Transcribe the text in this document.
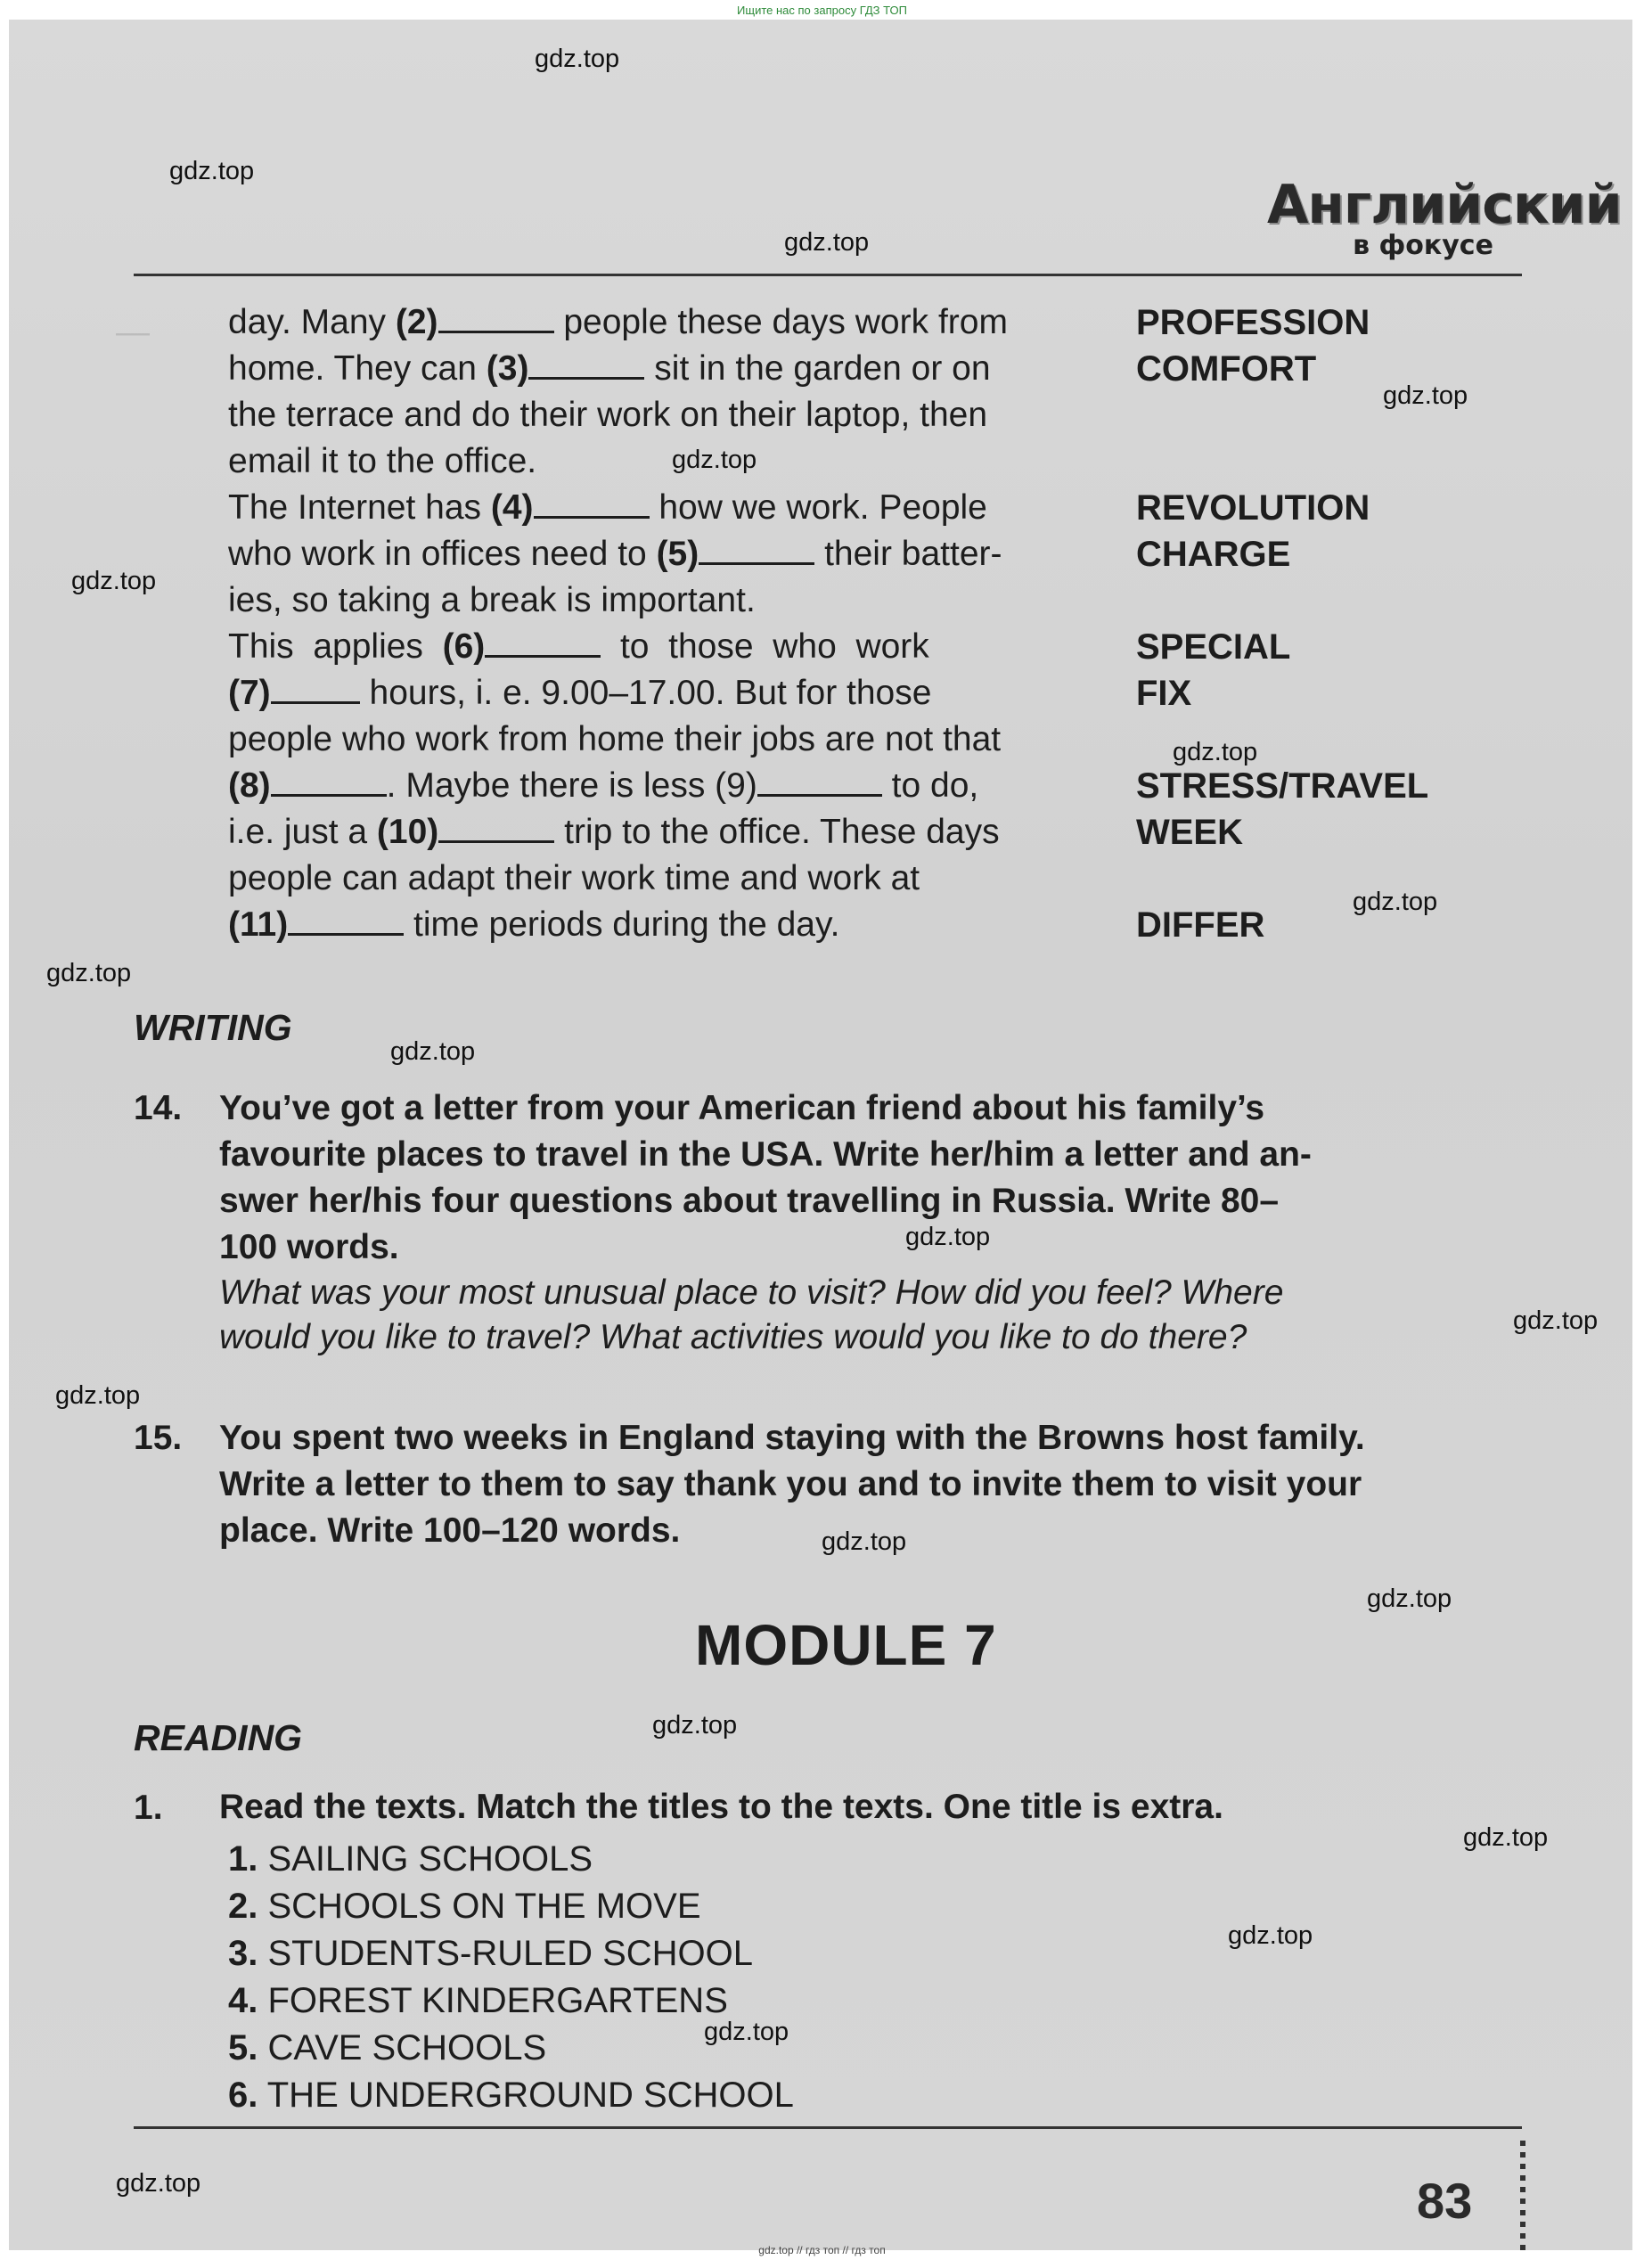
Ищите нас по запросу ГДЗ ТОП
—
Английский
в фокусе
day. Many (2)	people these days work from
home. They can (3)	sit in the garden or on
the terrace and do their work on their laptop, then
email it to the office.
The Internet has (4)	how we work. People
who work in offices need to (5)	their batter-
ies, so taking a break is important.
This  applies  (6)	to  those  who  work
(7)	hours, i. e. 9.00–17.00. But for those
people who work from home their jobs are not that
(8)	. Maybe there is less (9)	to do,
i.e. just a (10)	trip to the office. These days
people can adapt their work time and work at
(11)	time periods during the day.
PROFESSION
COMFORT
REVOLUTION
CHARGE
SPECIAL
FIX
STRESS/TRAVEL
WEEK
DIFFER
WRITING
14. You’ve got a letter from your American friend about his family’s
favourite places to travel in the USA. Write her/him a letter and an-
swer her/his four questions about travelling in Russia. Write 80–
100 words.
What was your most unusual place to visit? How did you feel? Where
would you like to travel? What activities would you like to do there?
15. You spent two weeks in England staying with the Browns host family.
Write a letter to them to say thank you and to invite them to visit your
place. Write 100–120 words.
MODULE 7
READING
1. Read the texts. Match the titles to the texts. One title is extra.
1. SAILING SCHOOLS
2. SCHOOLS ON THE MOVE
3. STUDENTS-RULED SCHOOL
4. FOREST KINDERGARTENS
5. CAVE SCHOOLS
6. THE UNDERGROUND SCHOOL
83
gdz.top
gdz.top
gdz.top
gdz.top
gdz.top
gdz.top
gdz.top
gdz.top
gdz.top
gdz.top
gdz.top
gdz.top
gdz.top
gdz.top
gdz.top
gdz.top
gdz.top
gdz.top
gdz.top
gdz.top
gdz.top // гдз топ // гдз топ
